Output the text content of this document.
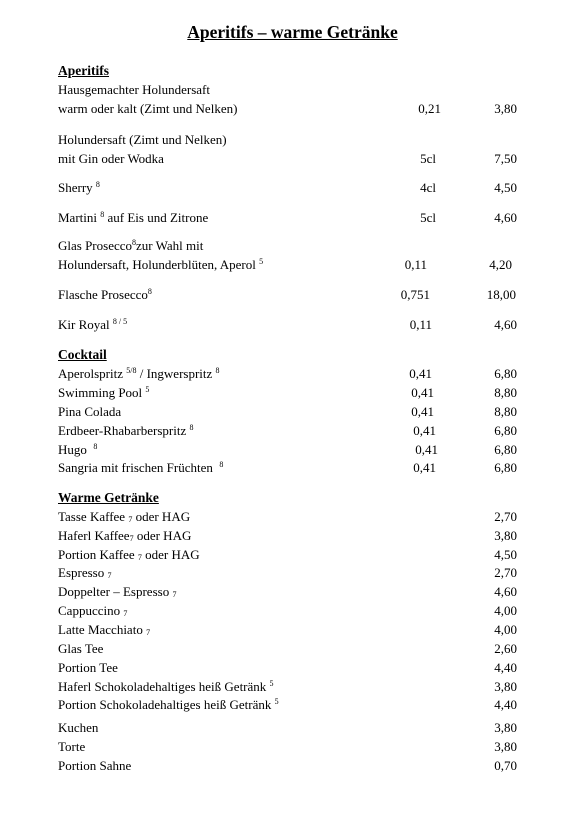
Aperitifs – warme Getränke
Aperitifs
Hausgemachter Holundersaft
warm oder kalt (Zimt und Nelken)	0,21	3,80
Holundersaft (Zimt und Nelken)
mit Gin oder Wodka	5cl	7,50
Sherry $^8$	4cl	4,50
Martini $^8$ auf Eis und Zitrone	5cl	4,60
Glas Prosecco$^8$zur Wahl mit
Holundersaft, Holunderblüten, Aperol $^5$	0,11	4,20
Flasche Prosecco$^8$	0,751	18,00
Kir Royal $^{8 / 5}$	0,11	4,60
Cocktail
Aperolspritz $^{5/8}$ / Ingwerspritz $^8$	0,41	6,80
Swimming Pool $^5$	0,41	8,80
Pina Colada	0,41	8,80
Erdbeer-Rhabarberspritz $^8$	0,41	6,80
Hugo $^8$	0,41	6,80
Sangria mit frischen Früchten $^8$	0,41	6,80
Warme Getränke
Tasse Kaffee $_7$ oder HAG	2,70
Haferl Kaffee$_7$ oder HAG	3,80
Portion Kaffee $_7$ oder HAG	4,50
Espresso $_7$	2,70
Doppelter – Espresso $_7$	4,60
Cappuccino $_7$	4,00
Latte Macchiato $_7$	4,00
Glas Tee	2,60
Portion Tee	4,40
Haferl Schokoladehaltiges heiß Getränk $^5$	3,80
Portion Schokoladehaltiges heiß Getränk $^5$	4,40
Kuchen	3,80
Torte	3,80
Portion Sahne	0,70
